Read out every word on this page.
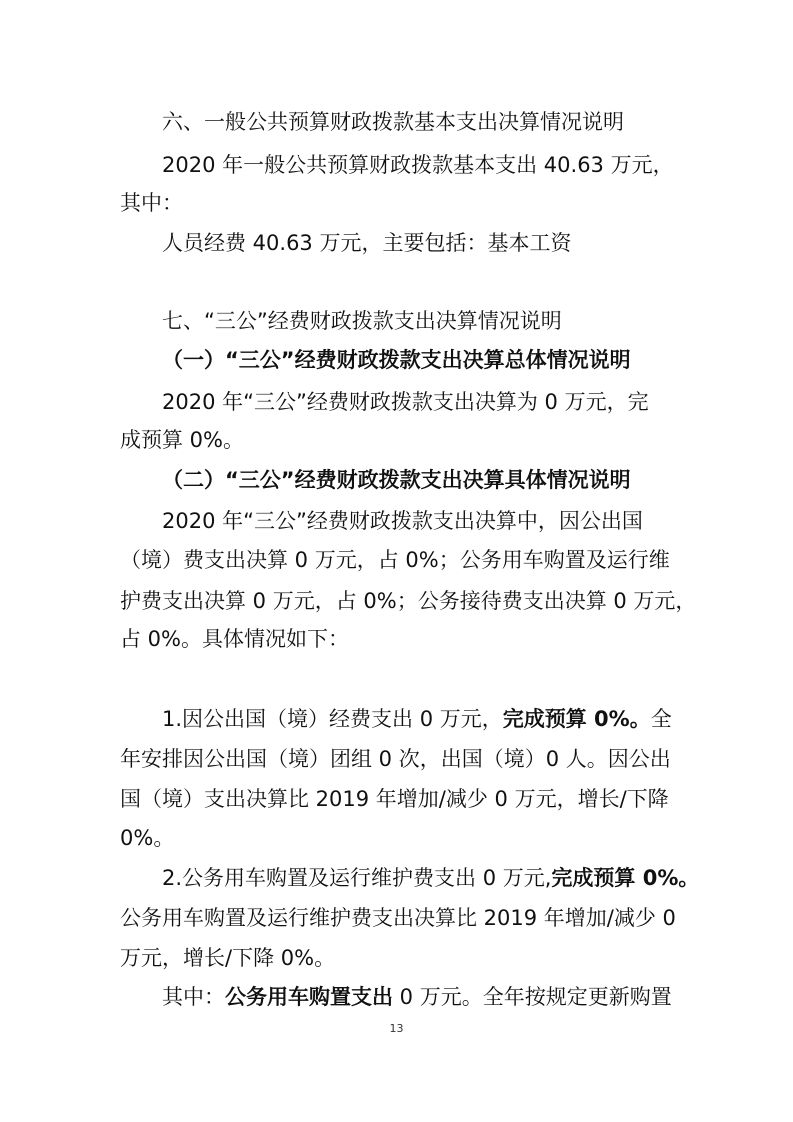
六、一般公共预算财政拨款基本支出决算情况说明

2020 年一般公共预算财政拨款基本支出 40.63 万元，

其中：

人员经费 40.63 万元，主要包括：基本工资

七、“三公”经费财政拨款支出决算情况说明

（一）“三公”经费财政拨款支出决算总体情况说明

2020 年“三公”经费财政拨款支出决算为 0 万元，完

成预算 0%。

（二）“三公”经费财政拨款支出决算具体情况说明

2020 年“三公”经费财政拨款支出决算中，因公出国

（境）费支出决算 0 万元，占 0%；公务用车购置及运行维

护费支出决算 0 万元，占 0%；公务接待费支出决算 0 万元，

占 0%。具体情况如下：

1.因公出国（境）经费支出 0 万元，完成预算 0%。全

年安排因公出国（境）团组 0 次，出国（境）0 人。因公出

国（境）支出决算比 2019 年增加/减少 0 万元，增长/下降

0%。

2.公务用车购置及运行维护费支出 0 万元,完成预算 0%。

公务用车购置及运行维护费支出决算比 2019 年增加/减少 0

万元，增长/下降 0%。

其中：公务用车购置支出 0 万元。全年按规定更新购置

13
